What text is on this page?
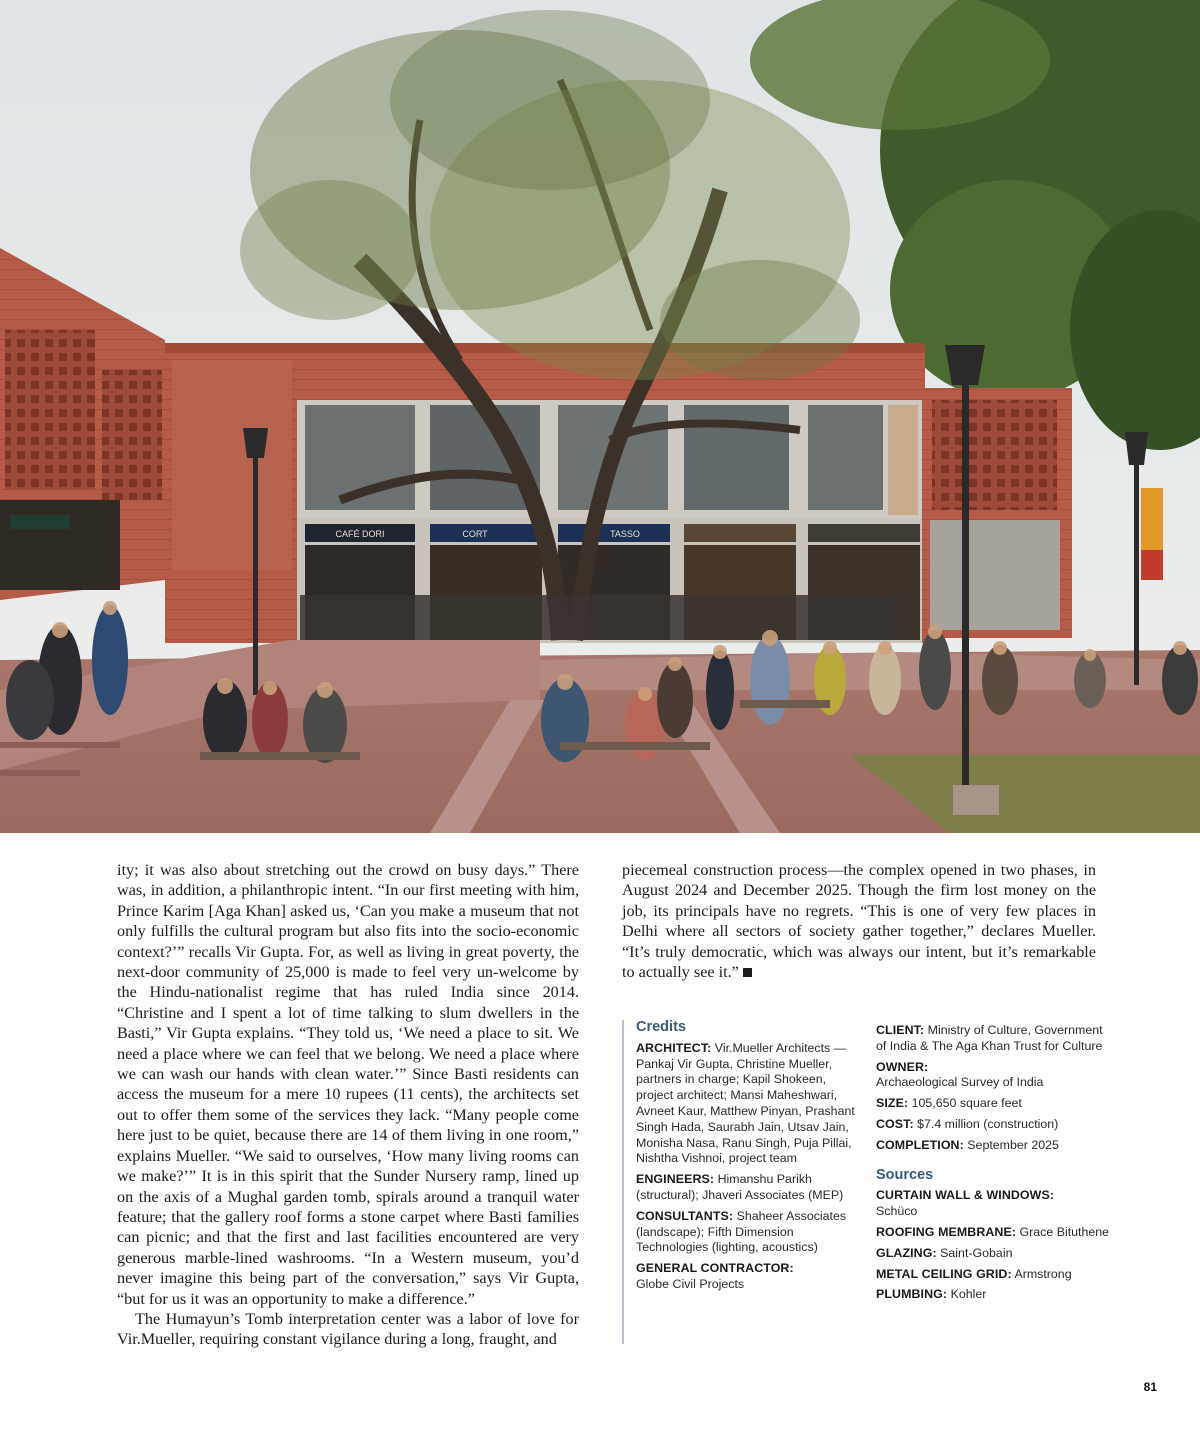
CAFÉ DORI	CORT	TASSO

ity; it was also about stretching out the crowd on busy days.” There was, in addition, a philanthropic intent. “In our first meeting with him, Prince Karim [Aga Khan] asked us, ‘Can you make a museum that not only fulfills the cultural program but also fits into the socio-economic context?’” recalls Vir Gupta. For, as well as living in great poverty, the next-door community of 25,000 is made to feel very un-welcome by the Hindu-nationalist regime that has ruled India since 2014. “Christine and I spent a lot of time talking to slum dwellers in the Basti,” Vir Gupta explains. “They told us, ‘We need a place to sit. We need a place where we can feel that we belong. We need a place where we can wash our hands with clean water.’” Since Basti residents can access the museum for a mere 10 rupees (11 cents), the architects set out to offer them some of the services they lack. “Many people come here just to be quiet, because there are 14 of them living in one room,” explains Mueller. “We said to ourselves, ‘How many living rooms can we make?’” It is in this spirit that the Sunder Nursery ramp, lined up on the axis of a Mughal garden tomb, spirals around a tranquil water feature; that the gallery roof forms a stone carpet where Basti families can picnic; and that the first and last facilities encountered are very generous marble-lined washrooms. “In a Western museum, you’d never imagine this being part of the conversation,” says Vir Gupta, “but for us it was an opportunity to make a difference.”

The Humayun’s Tomb interpretation center was a labor of love for Vir.Mueller, requiring constant vigilance during a long, fraught, and

piecemeal construction process—the complex opened in two phases, in August 2024 and December 2025. Though the firm lost money on the job, its principals have no regrets. “This is one of very few places in Delhi where all sectors of society gather together,” declares Mueller. “It’s truly democratic, which was always our intent, but it’s remarkable to actually see it.”

Credits
ARCHITECT: Vir.Mueller Architects — Pankaj Vir Gupta, Christine Mueller, partners in charge; Kapil Shokeen, project architect; Mansi Maheshwari, Avneet Kaur, Matthew Pinyan, Prashant Singh Hada, Saurabh Jain, Utsav Jain, Monisha Nasa, Ranu Singh, Puja Pillai, Nishtha Vishnoi, project team
ENGINEERS: Himanshu Parikh (structural); Jhaveri Associates (MEP)
CONSULTANTS: Shaheer Associates (landscape); Fifth Dimension Technologies (lighting, acoustics)
GENERAL CONTRACTOR:
Globe Civil Projects
CLIENT: Ministry of Culture, Government of India & The Aga Khan Trust for Culture
OWNER:
Archaeological Survey of India
SIZE: 105,650 square feet
COST: $7.4 million (construction)
COMPLETION: September 2025
Sources
CURTAIN WALL & WINDOWS:
Schüco
ROOFING MEMBRANE: Grace Bituthene
GLAZING: Saint-Gobain
METAL CEILING GRID: Armstrong
PLUMBING: Kohler
81
